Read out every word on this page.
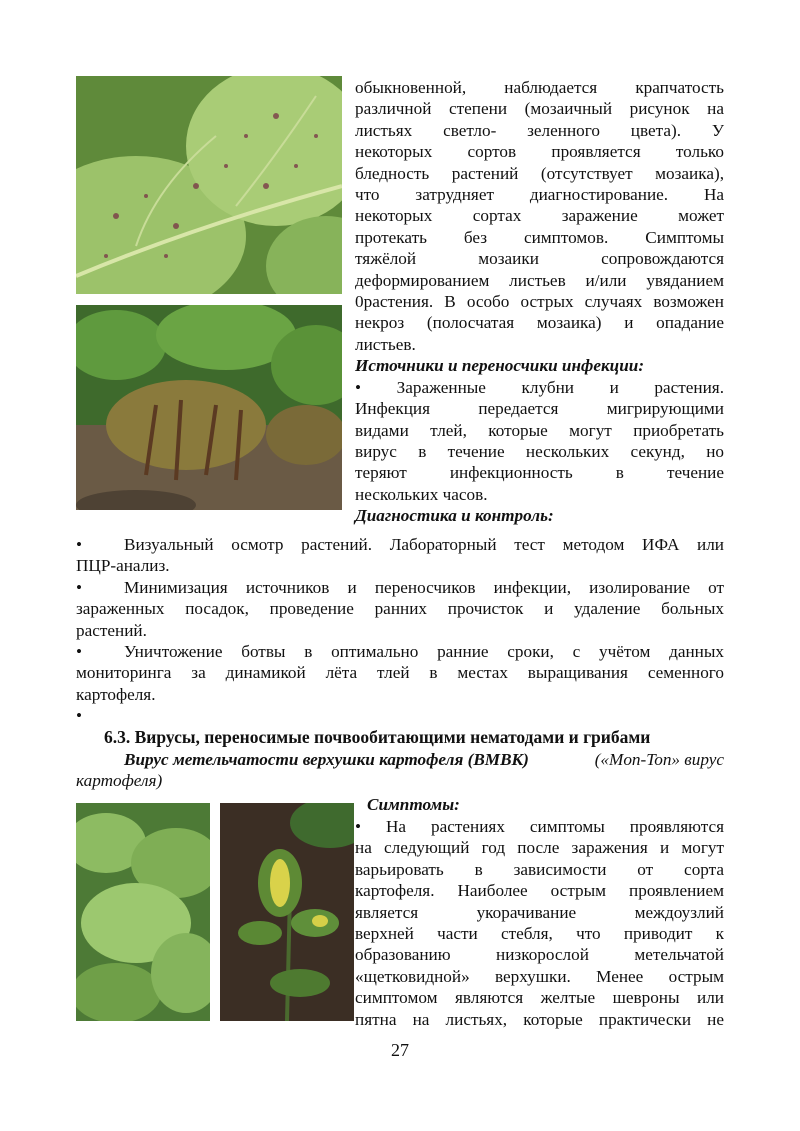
обыкновенной, наблюдается крапчатость

различной степени (мозаичный рисунок на

листьях светло- зеленного цвета). У

некоторых сортов проявляется только

бледность растений (отсутствует мозаика),

что затрудняет диагностирование. На

некоторых сортах заражение может

протекать без симптомов. Симптомы

тяжёлой мозаики сопровождаются

деформированием листьев и/или увяданием

0растения. В особо острых случаях возможен

некроз (полосчатая мозаика) и опадание

листьев.

Источники и переносчики инфекции:

• Зараженные клубни и растения.

Инфекция передается мигрирующими

видами тлей, которые могут приобретать

вирус в течение нескольких секунд, но

теряют инфекционность в течение

нескольких часов.

Диагностика и контроль:

•	Визуальный осмотр растений. Лабораторный тест методом ИФА или

ПЦР-анализ.

•	Минимизация источников и переносчиков инфекции, изолирование от

зараженных посадок, проведение ранних прочисток и удаление больных

растений.

•	Уничтожение ботвы в оптимально ранние сроки, с учётом данных

мониторинга за динамикой лёта тлей в местах выращивания семенного

картофеля.

•

6.3. Вирусы, переносимые почвообитающими нематодами и грибами
Вирус метельчатости верхушки картофеля (ВМВК)	(«Mon-Ton» вирус
картофеля)

Симптомы:

• На растениях симптомы проявляются

на следующий год после заражения и могут

варьировать в зависимости от сорта

картофеля. Наиболее острым проявлением

является укорачивание междоузлий

верхней части стебля, что приводит к

образованию низкорослой метельчатой

«щетковидной» верхушки. Менее острым

симптомом являются желтые шевроны или

пятна на листьях, которые практически не

27
